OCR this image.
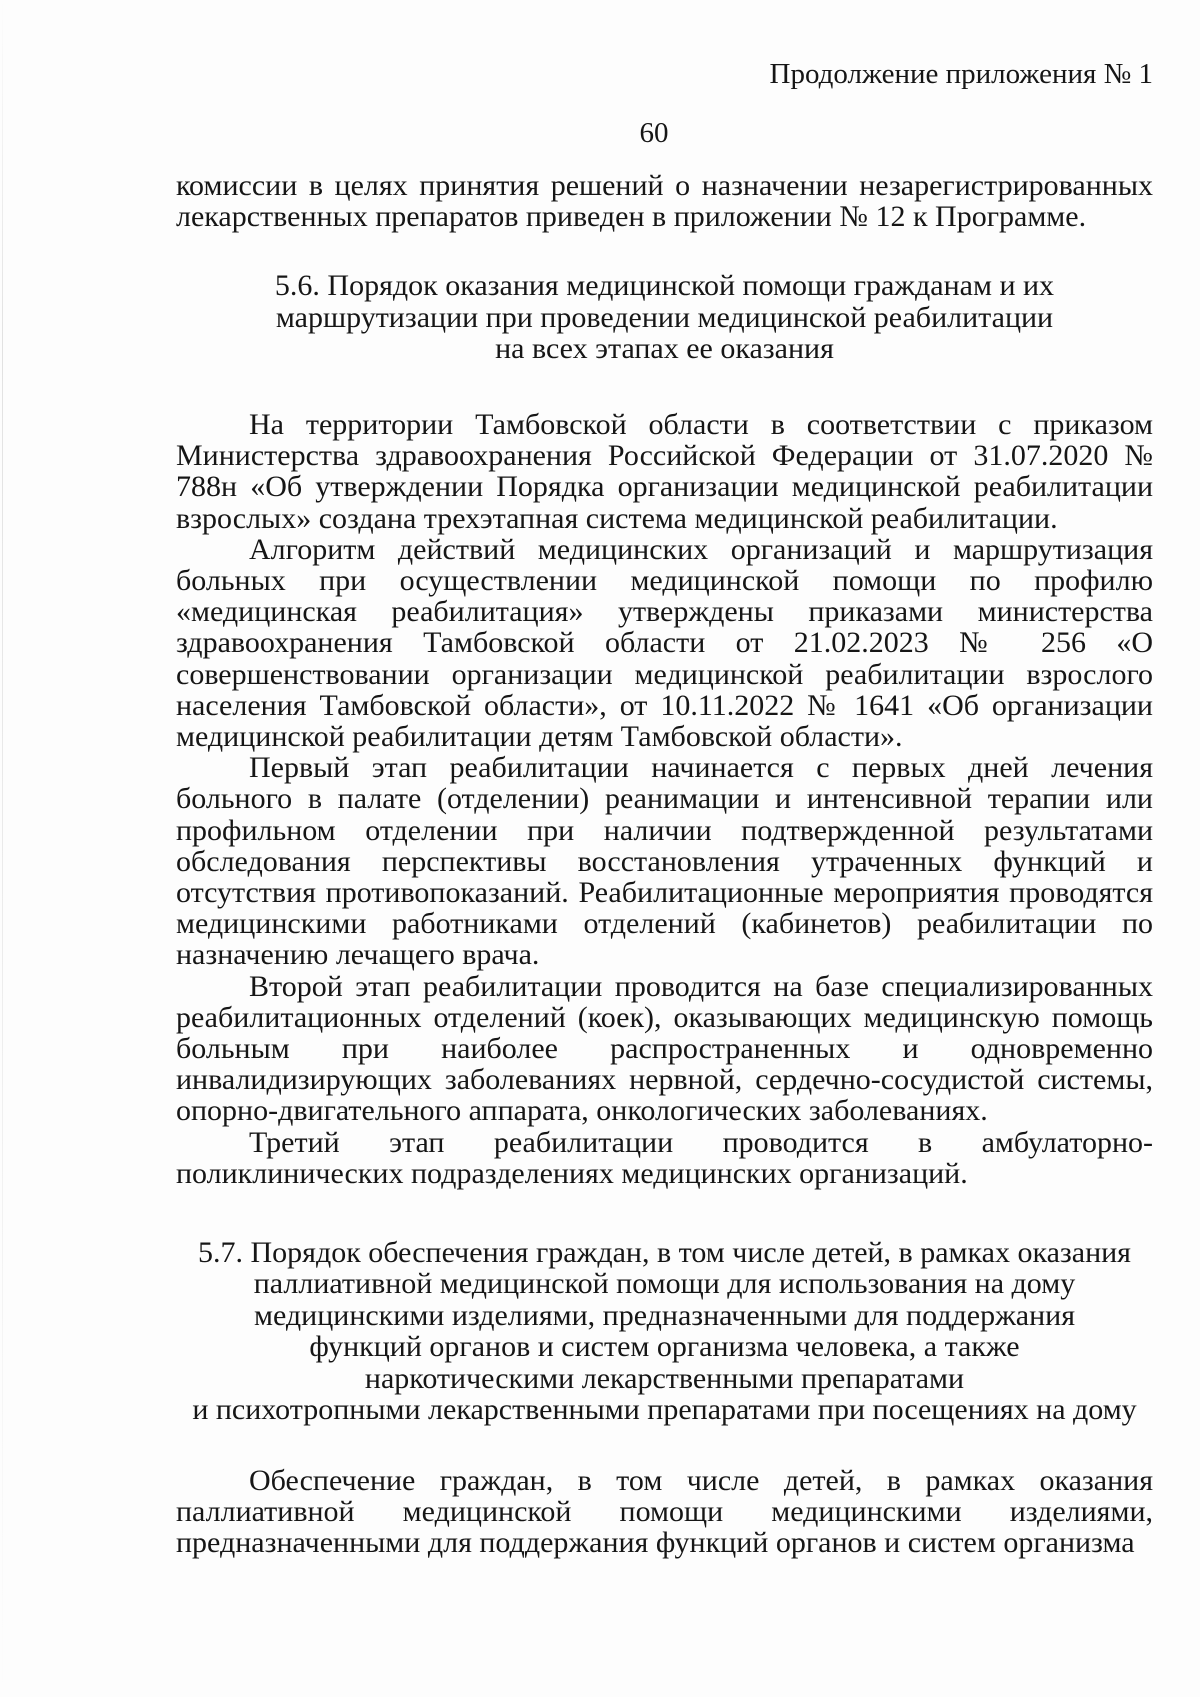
Продолжение приложения № 1
60

комиссии в целях принятия решений о назначении незарегистрированных лекарственных препаратов приведен в приложении № 12 к Программе.

5.6. Порядок оказания медицинской помощи гражданам и их
маршрутизации при проведении медицинской реабилитации
на всех этапах ее оказания

На территории Тамбовской области в соответствии с приказом Министерства здравоохранения Российской Федерации от 31.07.2020 № 788н «Об утверждении Порядка организации медицинской реабилитации взрослых» создана трехэтапная система медицинской реабилитации.

Алгоритм действий медицинских организаций и маршрутизация больных при осуществлении медицинской помощи по профилю «медицинская реабилитация» утверждены приказами министерства здравоохранения Тамбовской области от 21.02.2023 № 256 «О совершенствовании организации медицинской реабилитации взрослого населения Тамбовской области», от 10.11.2022 № 1641 «Об организации медицинской реабилитации детям Тамбовской области».

Первый этап реабилитации начинается с первых дней лечения больного в палате (отделении) реанимации и интенсивной терапии или профильном отделении при наличии подтвержденной результатами обследования перспективы восстановления утраченных функций и отсутствия противопоказаний. Реабилитационные мероприятия проводятся медицинскими работниками отделений (кабинетов) реабилитации по назначению лечащего врача.

Второй этап реабилитации проводится на базе специализированных реабилитационных отделений (коек), оказывающих медицинскую помощь больным при наиболее распространенных и одновременно инвалидизирующих заболеваниях нервной, сердечно-сосудистой системы, опорно-двигательного аппарата, онкологических заболеваниях.

Третий этап реабилитации проводится в амбулаторно-поликлинических подразделениях медицинских организаций.

5.7. Порядок обеспечения граждан, в том числе детей, в рамках оказания
паллиативной медицинской помощи для использования на дому
медицинскими изделиями, предназначенными для поддержания
функций органов и систем организма человека, а также
наркотическими лекарственными препаратами
и психотропными лекарственными препаратами при посещениях на дому

Обеспечение граждан, в том числе детей, в рамках оказания паллиативной медицинской помощи медицинскими изделиями, предназначенными для поддержания функций органов и систем организма
